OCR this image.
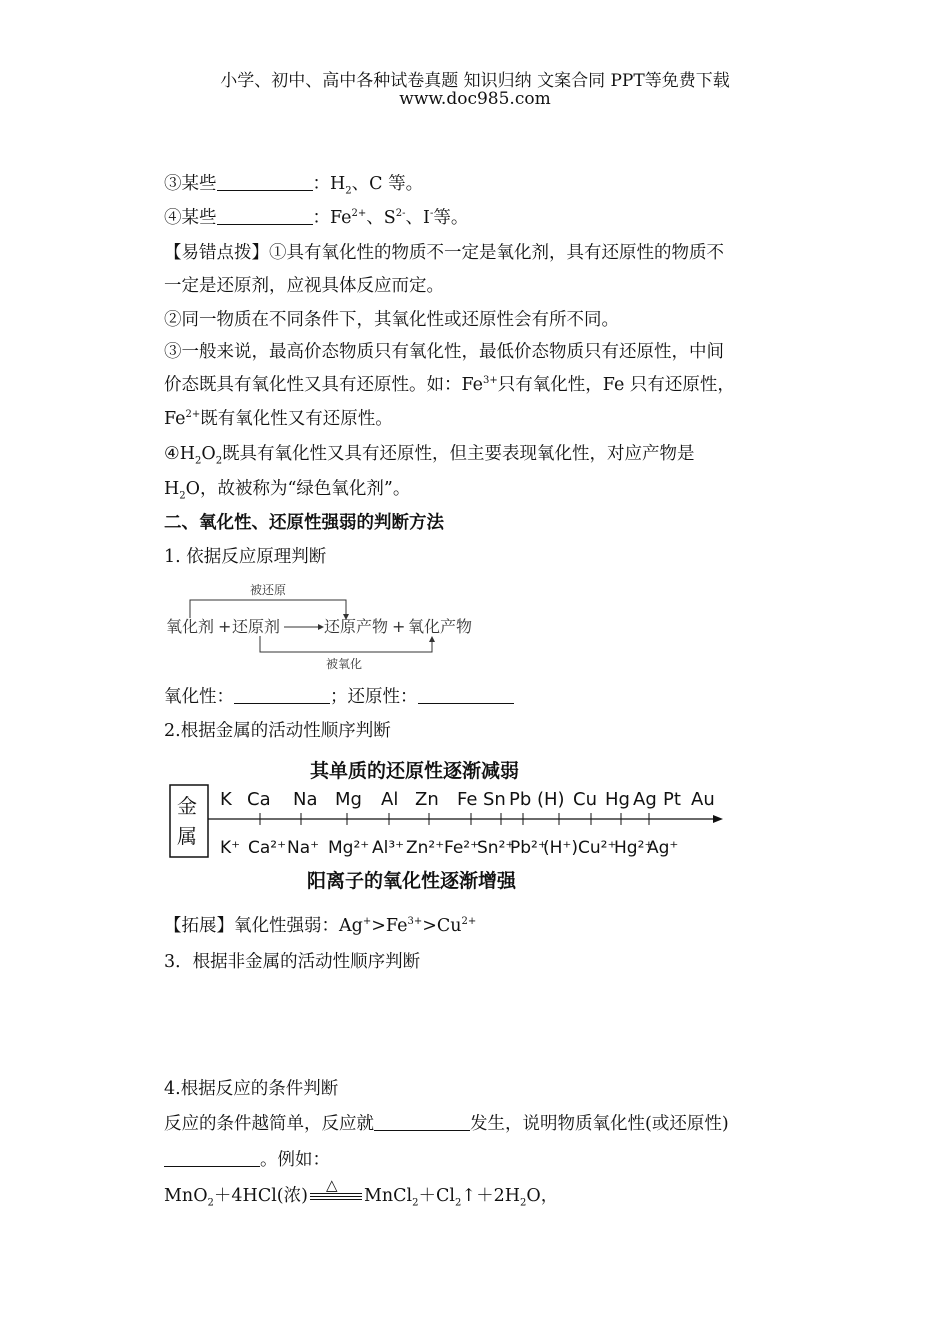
小学、初中、高中各种试卷真题 知识归纳 文案合同 PPT等免费下载
www.doc985.com
③某些	：$H_2$、C 等。
④某些	：$Fe^{2+}$、$S^{2-}$、I-等。
【易错点拨】①具有氧化性的物质不一定是氧化剂，具有还原性的物质不
一定是还原剂，应视具体反应而定。
②同一物质在不同条件下，其氧化性或还原性会有所不同。
③一般来说，最高价态物质只有氧化性，最低价态物质只有还原性，中间
价态既具有氧化性又具有还原性。如：$Fe^{3+}$只有氧化性，Fe 只有还原性，
$Fe^{2+}$既有氧化性又有还原性。
$④H_2O_2$既具有氧化性又具有还原性，但主要表现氧化性，对应产物是
$H_2O$，故被称为“绿色氧化剂”。
二、氧化性、还原性强弱的判断方法
1. 依据反应原理判断
被还原
氧化剂 + 还原剂	还原产物 + 氧化产物
被氧化
氧化性：	；还原性：
2.根据金属的活动性顺序判断
其单质的还原性逐渐减弱
金
属
K Ca Na Mg Al Zn Fe Sn Pb (H) Cu Hg Ag Pt Au
K⁺ Ca²⁺ Na⁺ Mg²⁺ Al³⁺ Zn²⁺ Fe²⁺
Sn²⁺
Pb²⁺
(H⁺) Cu²⁺
Hg²⁺
Ag⁺
阳离子的氧化性逐渐增强
【拓展】氧化性强弱：$Ag^+>Fe^{3+}>Cu^{2+}$
3．根据非金属的活动性顺序判断
4.根据反应的条件判断
反应的条件越简单，反应就	发生，说明物质氧化性(或还原性)
。例如：
MnO$_2$＋4HCl(浓)
△
$MnCl_2+Cl_2↑+2H_2O$，
